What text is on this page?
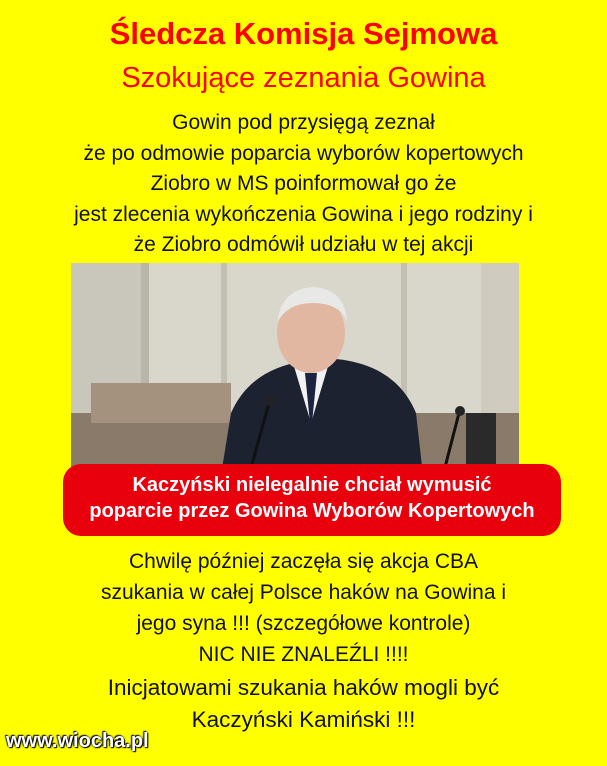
Śledcza Komisja Sejmowa
Szokujące zeznania Gowina
Gowin pod przysięgą zeznał
że po odmowie poparcia wyborów kopertowych
Ziobro w MS poinformował go że
jest zlecenia wykończenia Gowina i jego rodziny i
że Ziobro odmówił udziału w tej akcji
Kaczyński nielegalnie chciał wymusić
poparcie przez Gowina Wyborów Kopertowych
Chwilę później zaczęła się akcja CBA
szukania w całej Polsce haków na Gowina i
jego syna !!! (szczegółowe kontrole)
NIC NIE ZNALEŹLI !!!!
Inicjatowami szukania haków mogli być
Kaczyński Kamiński !!!
www.wiocha.pl
